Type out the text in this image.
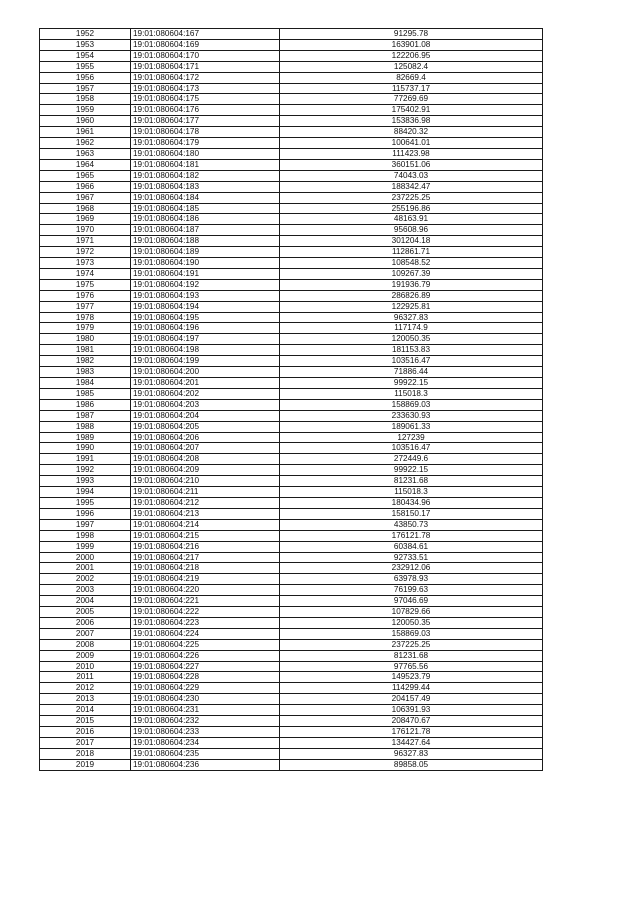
1952	19:01:080604:167	91295.78
1953	19:01:080604:169	163901.08
1954	19:01:080604:170	122206.95
1955	19:01:080604:171	125082.4
1956	19:01:080604:172	82669.4
1957	19:01:080604:173	115737.17
1958	19:01:080604:175	77269.69
1959	19:01:080604:176	175402.91
1960	19:01:080604:177	153836.98
1961	19:01:080604:178	88420.32
1962	19:01:080604:179	100641.01
1963	19:01:080604:180	111423.98
1964	19:01:080604:181	360151.06
1965	19:01:080604:182	74043.03
1966	19:01:080604:183	188342.47
1967	19:01:080604:184	237225.25
1968	19:01:080604:185	255196.86
1969	19:01:080604:186	48163.91
1970	19:01:080604:187	95608.96
1971	19:01:080604:188	301204.18
1972	19:01:080604:189	112861.71
1973	19:01:080604:190	108548.52
1974	19:01:080604:191	109267.39
1975	19:01:080604:192	191936.79
1976	19:01:080604:193	286826.89
1977	19:01:080604:194	122925.81
1978	19:01:080604:195	96327.83
1979	19:01:080604:196	117174.9
1980	19:01:080604:197	120050.35
1981	19:01:080604:198	181153.83
1982	19:01:080604:199	103516.47
1983	19:01:080604:200	71886.44
1984	19:01:080604:201	99922.15
1985	19:01:080604:202	115018.3
1986	19:01:080604:203	158869.03
1987	19:01:080604:204	233630.93
1988	19:01:080604:205	189061.33
1989	19:01:080604:206	127239
1990	19:01:080604:207	103516.47
1991	19:01:080604:208	272449.6
1992	19:01:080604:209	99922.15
1993	19:01:080604:210	81231.68
1994	19:01:080604:211	115018.3
1995	19:01:080604:212	180434.96
1996	19:01:080604:213	158150.17
1997	19:01:080604:214	43850.73
1998	19:01:080604:215	176121.78
1999	19:01:080604:216	60384.61
2000	19:01:080604:217	92733.51
2001	19:01:080604:218	232912.06
2002	19:01:080604:219	63978.93
2003	19:01:080604:220	76199.63
2004	19:01:080604:221	97046.69
2005	19:01:080604:222	107829.66
2006	19:01:080604:223	120050.35
2007	19:01:080604:224	158869.03
2008	19:01:080604:225	237225.25
2009	19:01:080604:226	81231.68
2010	19:01:080604:227	97765.56
2011	19:01:080604:228	149523.79
2012	19:01:080604:229	114299.44
2013	19:01:080604:230	204157.49
2014	19:01:080604:231	106391.93
2015	19:01:080604:232	208470.67
2016	19:01:080604:233	176121.78
2017	19:01:080604:234	134427.64
2018	19:01:080604:235	96327.83
2019	19:01:080604:236	89858.05
